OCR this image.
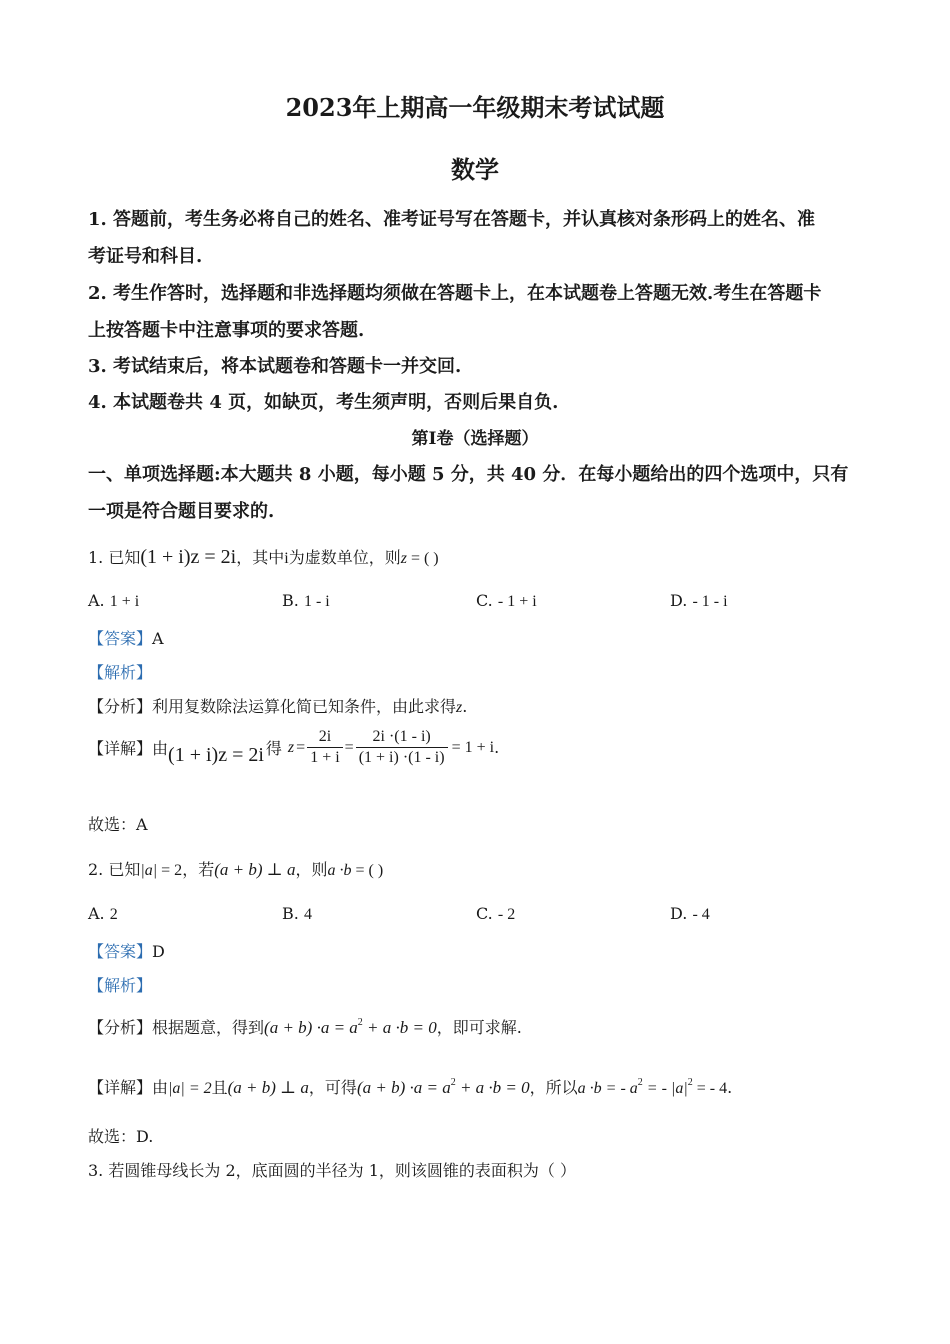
2023年上期高一年级期末考试试题
数学
1. 答题前，考生务必将自己的姓名、准考证号写在答题卡，并认真核对条形码上的姓名、准
考证号和科目.
2. 考生作答时，选择题和非选择题均须做在答题卡上，在本试题卷上答题无效.考生在答题卡
上按答题卡中注意事项的要求答题.
3. 考试结束后，将本试题卷和答题卡一并交回.
4. 本试题卷共 4 页，如缺页，考生须声明，否则后果自负.
第Ⅰ卷（选择题）
一、单项选择题:本大题共 8 小题，每小题 5 分，共 40 分．在每小题给出的四个选项中，只有
一项是符合题目要求的.
1. 已知(1 + i)z = 2i，其中i为虚数单位，则z = ( )
A. 1 + i	B. 1 - i	C. - 1 + i	D. - 1 - i
【答案】A
【解析】
【分析】利用复数除法运算化简已知条件，由此求得z.
【详解】 由 (1 + i)z = 2i 得 $z = \frac{2i}{1 + i} = \frac{2i \cdot(1 - i)}{(1 + i) \cdot(1 - i)} = 1 + i$ .
故选：A
2. 已知|a| = 2，若(a + b) ⊥ a，则a ·b = ( )
A. 2	B. 4	C. - 2	D. - 4
【答案】D
【解析】
【分析】根据题意，得到$(a + b) \cdot a = a^2 + a \cdot b = 0$，即可求解.
【详解】由|a| = 2且(a + b) ⊥ a，可得$(a + b) \cdot a = a^2 + a \cdot b = 0$，所以a ·b = - $a^2$ = - $|a|^2$ = - 4.
故选：D.
3. 若圆锥母线长为 2，底面圆的半径为 1，则该圆锥的表面积为（ ）
